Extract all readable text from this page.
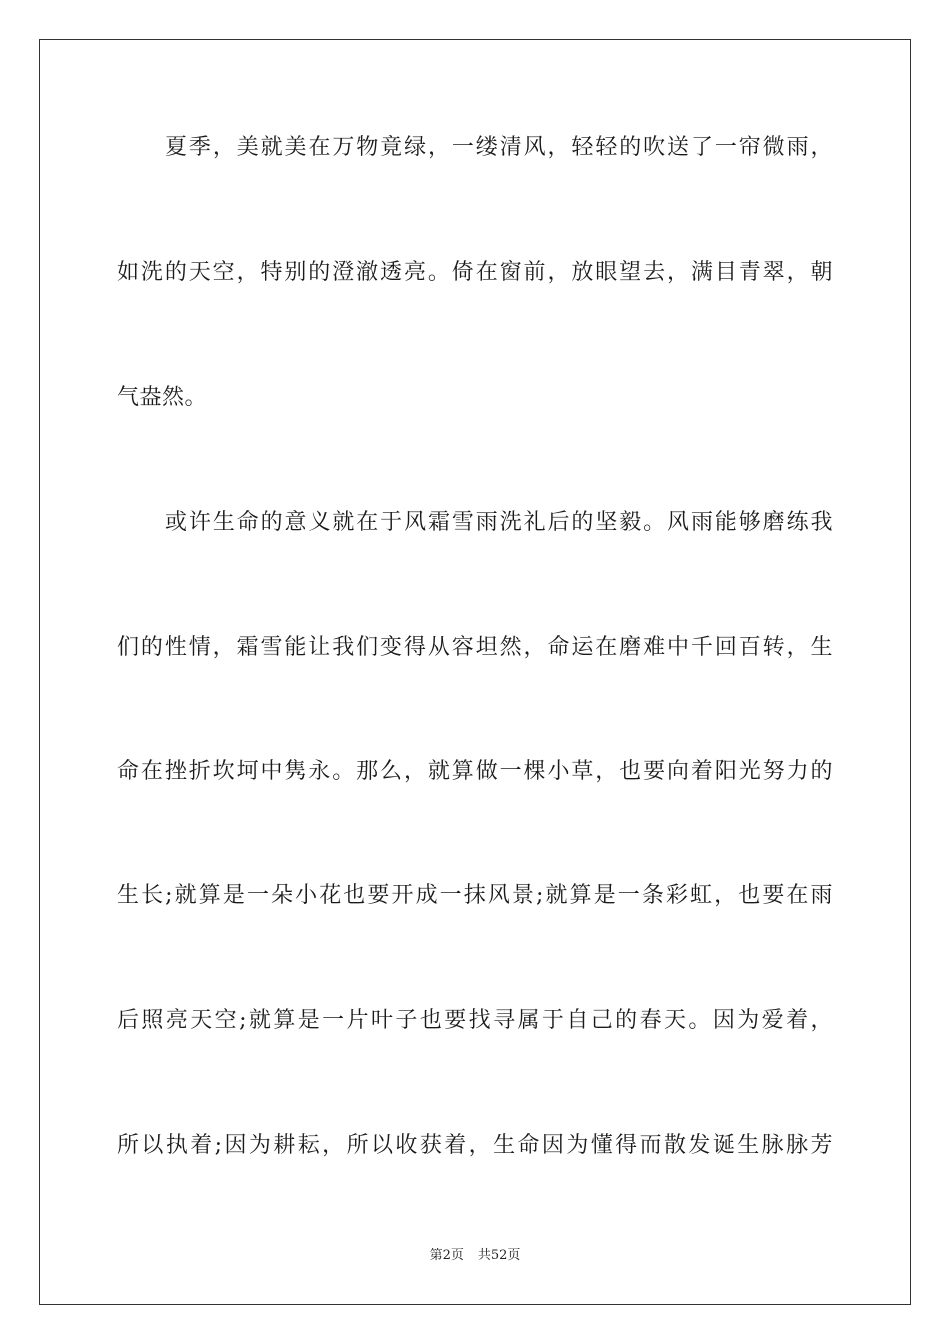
夏季，美就美在万物竟绿，一缕清风，轻轻的吹送了一帘微雨，
如洗的天空，特别的澄澈透亮。倚在窗前，放眼望去，满目青翠，朝
气盎然。
或许生命的意义就在于风霜雪雨洗礼后的坚毅。风雨能够磨练我
们的性情，霜雪能让我们变得从容坦然，命运在磨难中千回百转，生
命在挫折坎坷中隽永。那么，就算做一棵小草，也要向着阳光努力的
生长;就算是一朵小花也要开成一抹风景;就算是一条彩虹，也要在雨
后照亮天空;就算是一片叶子也要找寻属于自己的春天。因为爱着，
所以执着;因为耕耘，所以收获着，生命因为懂得而散发诞生脉脉芳
第2页 共52页
